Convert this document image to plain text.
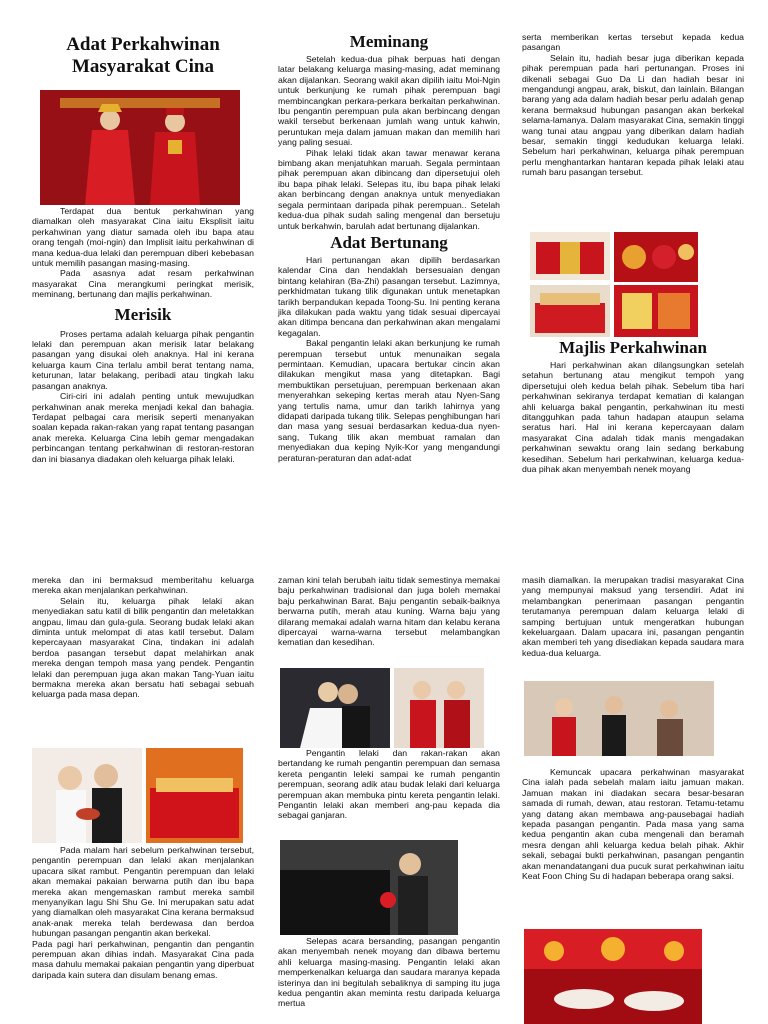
Adat Perkahwinan
Masyarakat Cina

Terdapat dua bentuk perkahwinan yang diamalkan oleh masyarakat Cina iaitu Eksplisit iaitu perkahwinan yang diatur samada oleh ibu bapa atau orang tengah (moi-ngin) dan Implisit iaitu perkahwinan di mana kedua-dua lelaki dan perempuan diberi kebebasan untuk memilih pasangan masing-masing.

Pada asasnya adat resam perkahwinan masyarakat Cina merangkumi peringkat merisik, meminang, bertunang dan majlis perkahwinan.

Merisik

Proses pertama adalah keluarga pihak pengantin lelaki dan perempuan akan merisik latar belakang pasangan yang disukai oleh anaknya. Hal ini kerana keluarga kaum Cina terlalu ambil berat tentang nama, keturunan, latar belakang, peribadi atau tingkah laku pasangan anaknya.

Ciri-ciri ini adalah penting untuk mewujudkan perkahwinan anak mereka menjadi kekal dan bahagia. Terdapat pelbagai cara merisik seperti menanyakan soalan kepada rakan-rakan yang rapat tentang pasangan anak mereka. Keluarga Cina lebih gemar mengadakan perbincangan tentang perkahwinan di restoran-restoran dan ini biasanya diadakan oleh keluarga pihak lelaki.

Meminang

Setelah kedua-dua pihak berpuas hati dengan latar belakang keluarga masing-masing, adat meminang akan dijalankan. Seorang wakil akan dipilih iaitu Moi-Ngin untuk berkunjung ke rumah pihak perempuan bagi membincangkan perkara-perkara berkaitan perkahwinan. Ibu pengantin perempuan pula akan berbincang dengan wakil tersebut berkenaan jumlah wang untuk kahwin, peruntukan meja dalam jamuan makan dan memilih hari yang paling sesuai.

Pihak lelaki tidak akan tawar menawar kerana bimbang akan menjatuhkan maruah. Segala permintaan pihak perempuan akan dibincang dan dipersetujui oleh ibu bapa pihak lelaki. Selepas itu, ibu bapa pihak lelaki akan berbincang dengan anaknya untuk menyediakan segala permintaan daripada pihak perempuan.. Setelah kedua-dua pihak sudah saling mengenal dan bersetuju untuk berkahwin, barulah adat bertunang dijalankan.

Adat Bertunang

Hari pertunangan akan dipilih berdasarkan kalendar Cina dan hendaklah bersesuaian dengan bintang kelahiran (Ba-Zhi) pasangan tersebut. Lazimnya, perkhidmatan tukang tilik digunakan untuk menetapkan tarikh berpandukan kepada Toong-Su. Ini penting kerana jika dilakukan pada waktu yang tidak sesuai dipercayai akan ditimpa bencana dan perkahwinan akan mengalami kegagalan.

Bakal pengantin lelaki akan berkunjung ke rumah perempuan tersebut untuk menunaikan segala permintaan. Kemudian, upacara bertukar cincin akan dilakukan mengikut masa yang ditetapkan. Bagi membuktikan persetujuan, perempuan berkenaan akan menyerahkan sekeping kertas merah atau Nyen-Sang yang tertulis nama, umur dan tarikh lahirnya yang didapati daripada tukang tilik. Selepas penghibungan hari dan masa yang sesuai berdasarkan kedua-dua nyen-sang, Tukang tilik akan membuat ramalan dan menyediakan dua keping Nyik-Kor yang mengandungi peraturan-peraturan dan adat-adat

serta memberikan kertas tersebut kepada kedua pasangan

Selain itu, hadiah besar juga diberikan kepada pihak perempuan pada hari pertunangan. Proses ini dikenali sebagai Guo Da Li dan hadiah besar ini mengandungi angpau, arak, biskut, dan lainlain. Bilangan barang yang ada dalam hadiah besar perlu adalah genap kerana bermaksud hubungan pasangan akan berkekal selama-lamanya. Dalam masyarakat Cina, semakin tinggi wang tunai atau angpau yang diberikan dalam hadiah besar, semakin tinggi kedudukan keluarga lelaki. Sebelum hari perkahwinan, keluarga pihak perempuan perlu menghantarkan hantaran kepada pihak lelaki atau rumah baru pasangan tersebut.

Majlis Perkahwinan

Hari perkahwinan akan dilangsungkan setelah setahun bertunang atau mengikut tempoh yang dipersetujui oleh kedua belah pihak. Sebelum tiba hari perkahwinan sekiranya terdapat kematian di kalangan ahli keluarga bakal pengantin, perkahwinan itu mesti ditangguhkan pada tahun hadapan ataupun selama seratus hari. Hal ini kerana kepercayaan dalam masyarakat Cina adalah tidak manis mengadakan perkahwinan sewaktu orang lain sedang berkabung kesedihan. Sebelum hari perkahwinan, keluarga kedua-dua pihak akan menyembah nenek moyang

mereka dan ini bermaksud memberitahu keluarga mereka akan menjalankan perkahwinan.

Selain itu, keluarga pihak lelaki akan menyediakan satu katil di bilik pengantin dan meletakkan angpau, limau dan gula-gula. Seorang budak lelaki akan diminta untuk melompat di atas katil tersebut. Dalam kepercayaan masyarakat Cina, tindakan ini adalah berdoa pasangan tersebut dapat melahirkan anak mereka dengan tempoh masa yang pendek. Pengantin lelaki dan perempuan juga akan makan Tang-Yuan iaitu bermakna mereka akan bersatu hati sebagai sebuah keluarga pada masa depan.

Pada malam hari sebelum perkahwinan tersebut, pengantin perempuan dan lelaki akan menjalankan upacara sikat rambut. Pengantin perempuan dan lelaki akan memakai pakaian berwarna putih dan ibu bapa mereka akan mengemaskan rambut mereka sambil menyanyikan lagu Shi Shu Ge. Ini merupakan satu adat yang diamalkan oleh masyarakat Cina kerana bermaksud anak-anak mereka telah berdewasa dan berdoa hubungan pasangan pengantin akan berkekal.

Pada pagi hari perkahwinan, pengantin dan pengantin perempuan akan dihias indah. Masyarakat Cina pada masa dahulu memakai pakaian pengantin yang diperbuat daripada kain sutera dan disulam benang emas.

zaman kini telah berubah iaitu tidak semestinya memakai baju perkahwinan tradisional dan juga boleh memakai baju perkahwinan Barat. Baju pengantin sebaik-baiknya berwarna putih, merah atau kuning. Warna baju yang dilarang memakai adalah warna hitam dan kelabu kerana dipercayai warna-warna tersebut melambangkan kematian dan kesedihan.

Pengantin lelaki dan rakan-rakan akan bertandang ke rumah pengantin perempuan dan semasa kereta pengantin leleki sampai ke rumah pengantin perempuan, seorang adik atau budak lelaki dari keluarga perempuan akan membuka pintu kereta pengantin lelaki. Pengantin lelaki akan memberi ang-pau kepada dia sebagai ganjaran.

Selepas acara bersanding, pasangan pengantin akan menyembah nenek moyang dan dibawa bertemu ahli keluarga masing-masing. Pengantin lelaki akan memperkenalkan keluarga dan saudara maranya kepada isterinya dan ini begitulah sebaliknya di samping itu juga kedua pengantin akan meminta restu daripada keluarga mertua

masih diamalkan. Ia merupakan tradisi masyarakat Cina yang mempunyai maksud yang tersendiri. Adat ini melambangkan penerimaan pasangan pengantin terutamanya perempuan dalam keluarga lelaki di samping bertujuan untuk mengeratkan hubungan kekeluargaan. Dalam upacara ini, pasangan pengantin akan memberi teh yang disediakan kepada saudara mara kedua-dua keluarga.

Kemuncak upacara perkahwinan masyarakat Cina ialah pada sebelah malam iaitu jamuan makan. Jamuan makan ini diadakan secara besar-besaran samada di rumah, dewan, atau restoran. Tetamu-tetamu yang datang akan membawa ang-pausebagai hadiah kepada pasangan pengantin. Pada masa yang sama kedua pengantin akan cuba mengenali dan beramah mesra dengan ahli keluarga kedua belah pihak. Akhir sekali, sebagai bukti perkahwinan, pasangan pengantin akan menandatangani dua pucuk surat perkahwinan iaitu Keat Foon Ching Su di hadapan beberapa orang saksi.
